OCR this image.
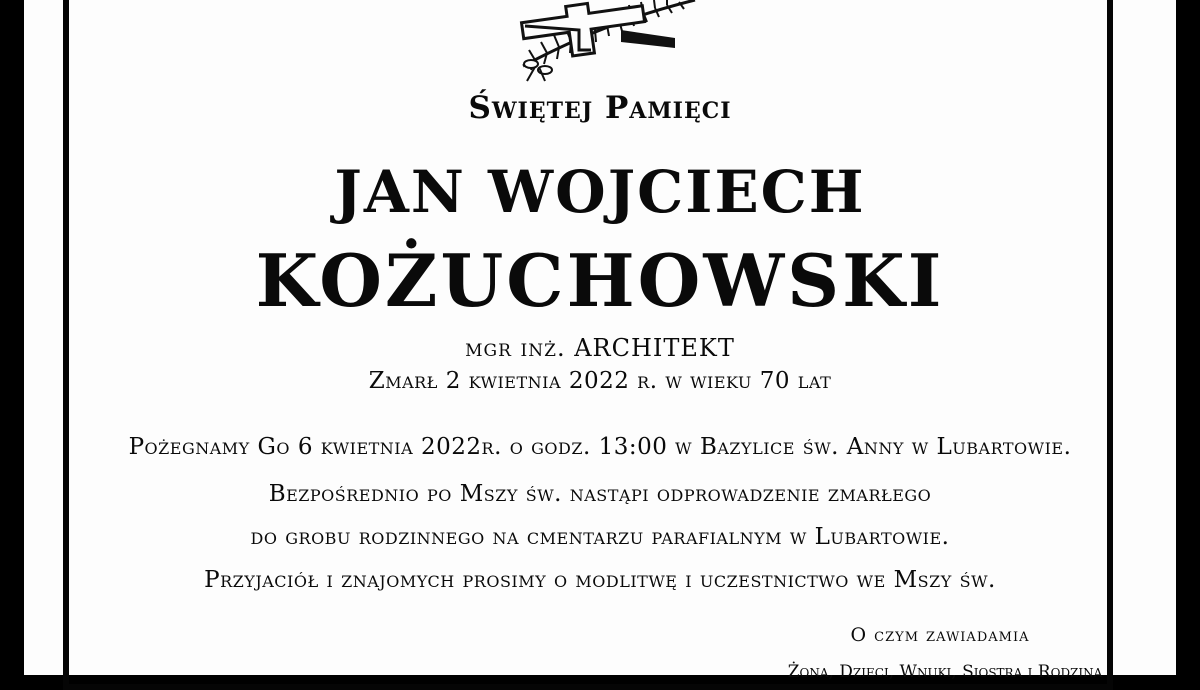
Świętej Pamięci
JAN WOJCIECH
KOŻUCHOWSKI
mgr inż. ARCHITEKT
Zmarł 2 kwietnia 2022 r. w wieku 70 lat
Pożegnamy Go 6 kwietnia 2022r. o godz. 13:00 w Bazylice św. Anny w Lubartowie.
Bezpośrednio po Mszy św. nastąpi odprowadzenie zmarłego
do grobu rodzinnego na cmentarzu parafialnym w Lubartowie.
Przyjaciół i znajomych prosimy o modlitwę i uczestnictwo we Mszy św.
O czym zawiadamia
Żona, Dzieci, Wnuki, Siostra i Rodzina
